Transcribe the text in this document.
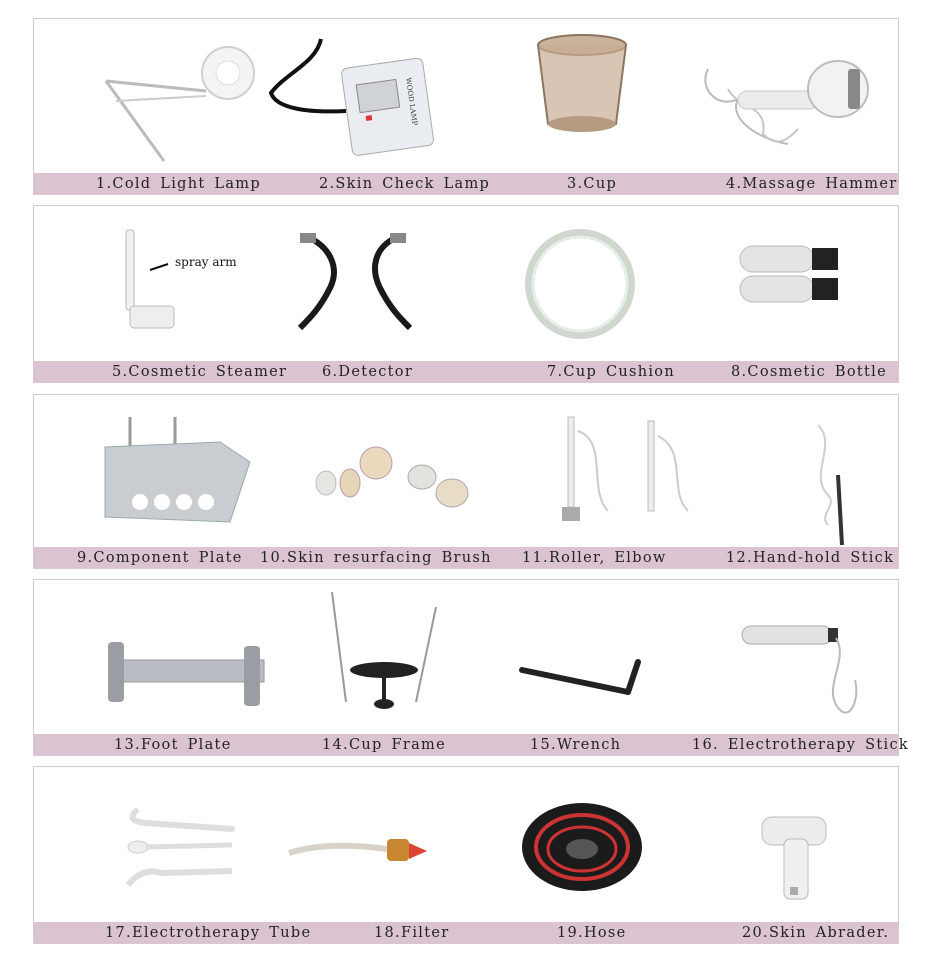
WOOD LAMP
1.Cold Light Lamp	2.Skin Check Lamp	3.Cup	4.Massage Hammer
spray arm
5.Cosmetic Steamer 6.Detector	7.Cup Cushion	8.Cosmetic Bottle
9.Component Plate 10.Skin resurfacing Brush 11.Roller, Elbow	12.Hand-hold Stick
13.Foot Plate	14.Cup Frame	15.Wrench	16. Electrotherapy Stick
17.Electrotherapy Tube	18.Filter	19.Hose	20.Skin Abrader.
